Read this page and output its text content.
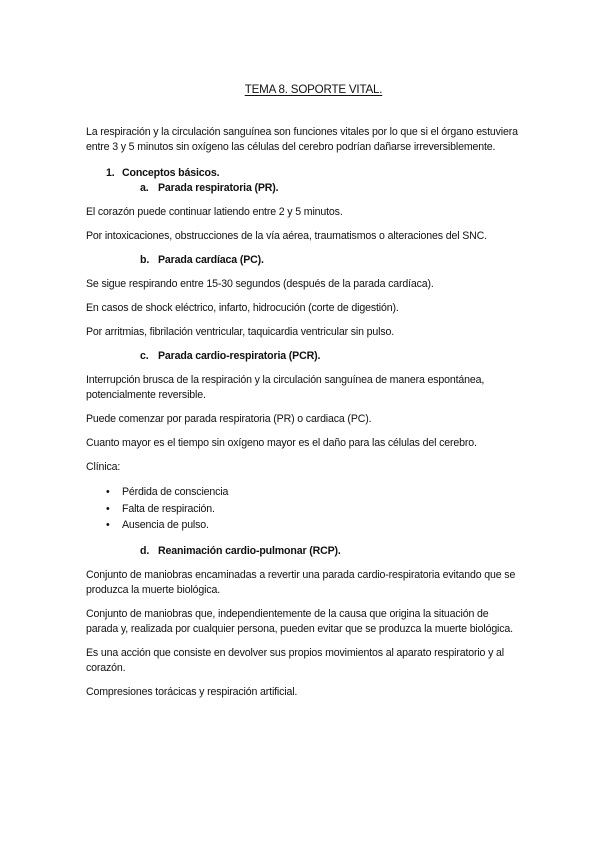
TEMA 8. SOPORTE VITAL.

La respiración y la circulación sanguínea son funciones vitales por lo que si el órgano estuviera entre 3 y 5 minutos sin oxígeno las células del cerebro podrían dañarse irreversiblemente.

1. Conceptos básicos.
a. Parada respiratoria (PR).

El corazón puede continuar latiendo entre 2 y 5 minutos.

Por intoxicaciones, obstrucciones de la vía aérea, traumatismos o alteraciones del SNC.

b. Parada cardíaca (PC).

Se sigue respirando entre 15-30 segundos (después de la parada cardíaca).

En casos de shock eléctrico, infarto, hidrocución (corte de digestión).

Por arritmias, fibrilación ventricular, taquicardia ventricular sin pulso.

c. Parada cardio-respiratoria (PCR).

Interrupción brusca de la respiración y la circulación sanguínea de manera espontánea, potencialmente reversible.

Puede comenzar por parada respiratoria (PR) o cardiaca (PC).

Cuanto mayor es el tiempo sin oxígeno mayor es el daño para las células del cerebro.

Clínica:

•	Pérdida de consciencia
•	Falta de respiración.
•	Ausencia de pulso.
d. Reanimación cardio-pulmonar (RCP).

Conjunto de maniobras encaminadas a revertir una parada cardio-respiratoria evitando que se produzca la muerte biológica.

Conjunto de maniobras que, independientemente de la causa que origina la situación de parada y, realizada por cualquier persona, pueden evitar que se produzca la muerte biológica.

Es una acción que consiste en devolver sus propios movimientos al aparato respiratorio y al corazón.

Compresiones torácicas y respiración artificial.
